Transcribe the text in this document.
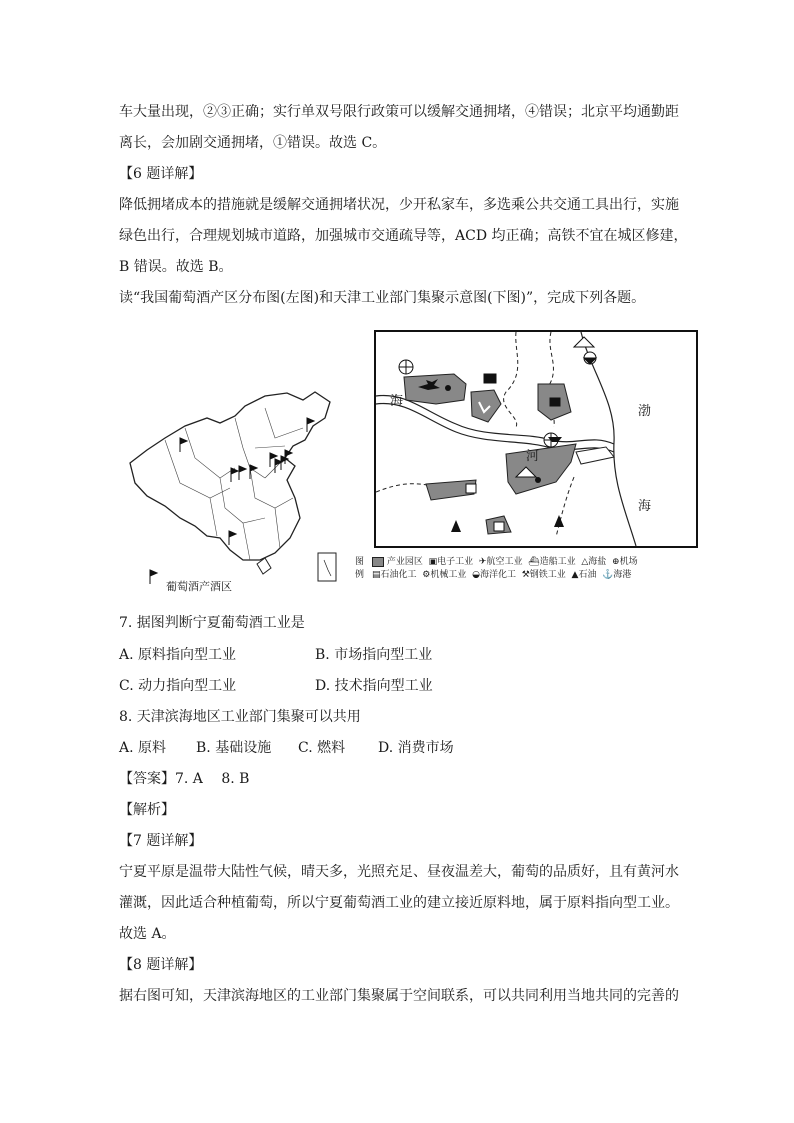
车大量出现，②③正确；实行单双号限行政策可以缓解交通拥堵，④错误；北京平均通勤距
离长，会加剧交通拥堵，①错误。故选 C。
【6 题详解】
降低拥堵成本的措施就是缓解交通拥堵状况，少开私家车，多选乘公共交通工具出行，实施
绿色出行，合理规划城市道路，加强城市交通疏导等，ACD 均正确；高铁不宜在城区修建，
B 错误。故选 B。
读“我国葡萄酒产区分布图(左图)和天津工业部门集聚示意图(下图)”，完成下列各题。
葡萄酒产酒区
海
河
渤
海
图
例
产业园区 ▣电子工业 ✈航空工业 ⛴造船工业 △海盐 ⊕机场
▤石油化工 ⚙机械工业 ◒海洋化工 ⚒钢铁工业 ▲石油 ⚓海港
7. 据图判断宁夏葡萄酒工业是
A. 原料指向型工业	B. 市场指向型工业
C. 动力指向型工业	D. 技术指向型工业
8. 天津滨海地区工业部门集聚可以共用
A. 原料 B. 基础设施 C. 燃料 D. 消费市场
【答案】7. A　 8. B
【解析】
【7 题详解】
宁夏平原是温带大陆性气候，晴天多，光照充足、昼夜温差大，葡萄的品质好，且有黄河水
灌溉，因此适合种植葡萄，所以宁夏葡萄酒工业的建立接近原料地，属于原料指向型工业。
故选 A。
【8 题详解】
据右图可知，天津滨海地区的工业部门集聚属于空间联系，可以共同利用当地共同的完善的
